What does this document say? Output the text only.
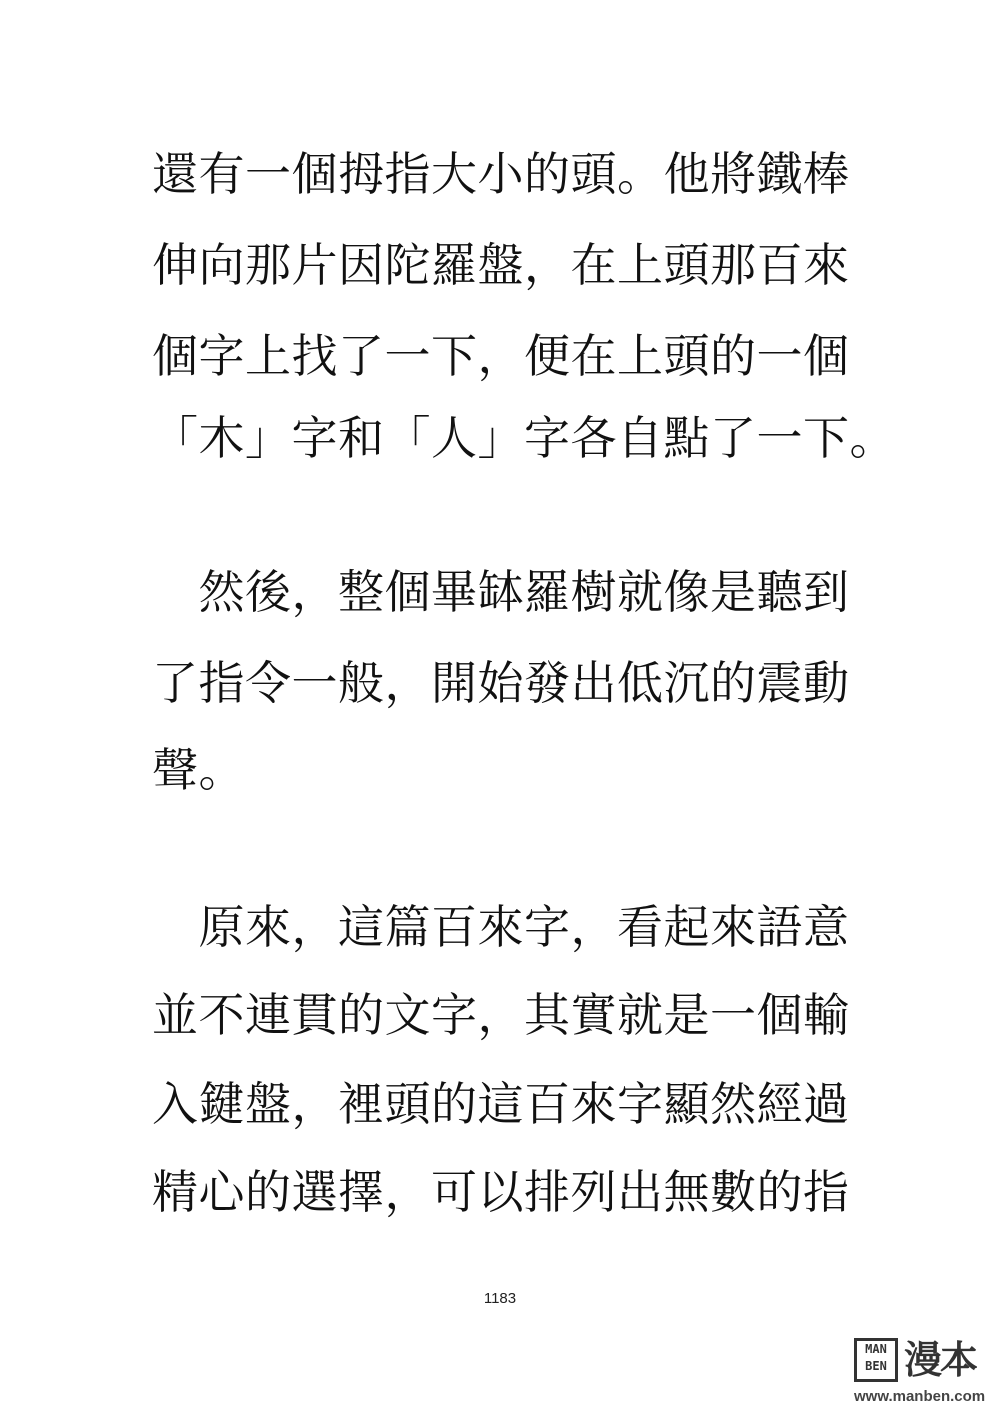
還有一個拇指大小的頭。他將鐵棒
伸向那片因陀羅盤，在上頭那百來
個字上找了一下，便在上頭的一個
「木」字和「人」字各自點了一下。
　然後，整個畢缽羅樹就像是聽到
了指令一般，開始發出低沉的震動
聲。
　原來，這篇百來字，看起來語意
並不連貫的文字，其實就是一個輸
入鍵盤，裡頭的這百來字顯然經過
精心的選擇，可以排列出無數的指
1183
MAN BEN 漫本
www.manben.com
